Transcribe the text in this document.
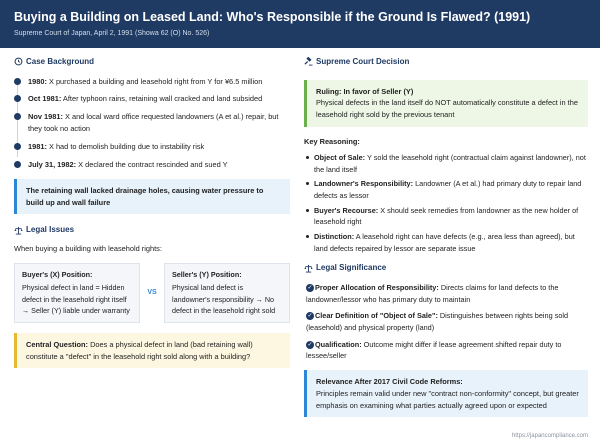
Buying a Building on Leased Land: Who's Responsible if the Ground Is Flawed? (1991)
Supreme Court of Japan, April 2, 1991 (Showa 62 (O) No. 526)
Case Background
1980: X purchased a building and leasehold right from Y for ¥6.5 million
Oct 1981: After typhoon rains, retaining wall cracked and land subsided
Nov 1981: X and local ward office requested landowners (A et al.) repair, but they took no action
1981: X had to demolish building due to instability risk
July 31, 1982: X declared the contract rescinded and sued Y
The retaining wall lacked drainage holes, causing water pressure to build up and wall failure
Legal Issues
When buying a building with leasehold rights:
Buyer's (X) Position:
Physical defect in land = Hidden defect in the leasehold right itself → Seller (Y) liable under warranty
VS
Seller's (Y) Position:
Physical land defect is landowner's responsibility → No defect in the leasehold right sold
Central Question: Does a physical defect in land (bad retaining wall) constitute a "defect" in the leasehold right sold along with a building?
Supreme Court Decision
Ruling: In favor of Seller (Y)
Physical defects in the land itself do NOT automatically constitute a defect in the leasehold right sold by the previous tenant
Key Reasoning:
Object of Sale: Y sold the leasehold right (contractual claim against landowner), not the land itself
Landowner's Responsibility: Landowner (A et al.) had primary duty to repair land defects as lessor
Buyer's Recourse: X should seek remedies from landowner as the new holder of leasehold right
Distinction: A leasehold right can have defects (e.g., area less than agreed), but land defects repaired by lessor are separate issue
Legal Significance
✓ Proper Allocation of Responsibility: Directs claims for land defects to the landowner/lessor who has primary duty to maintain
✓ Clear Definition of "Object of Sale": Distinguishes between rights being sold (leasehold) and physical property (land)
✓ Qualification: Outcome might differ if lease agreement shifted repair duty to lessee/seller
Relevance After 2017 Civil Code Reforms:
Principles remain valid under new "contract non-conformity" concept, but greater emphasis on examining what parties actually agreed upon or expected
https://japancompliance.com
